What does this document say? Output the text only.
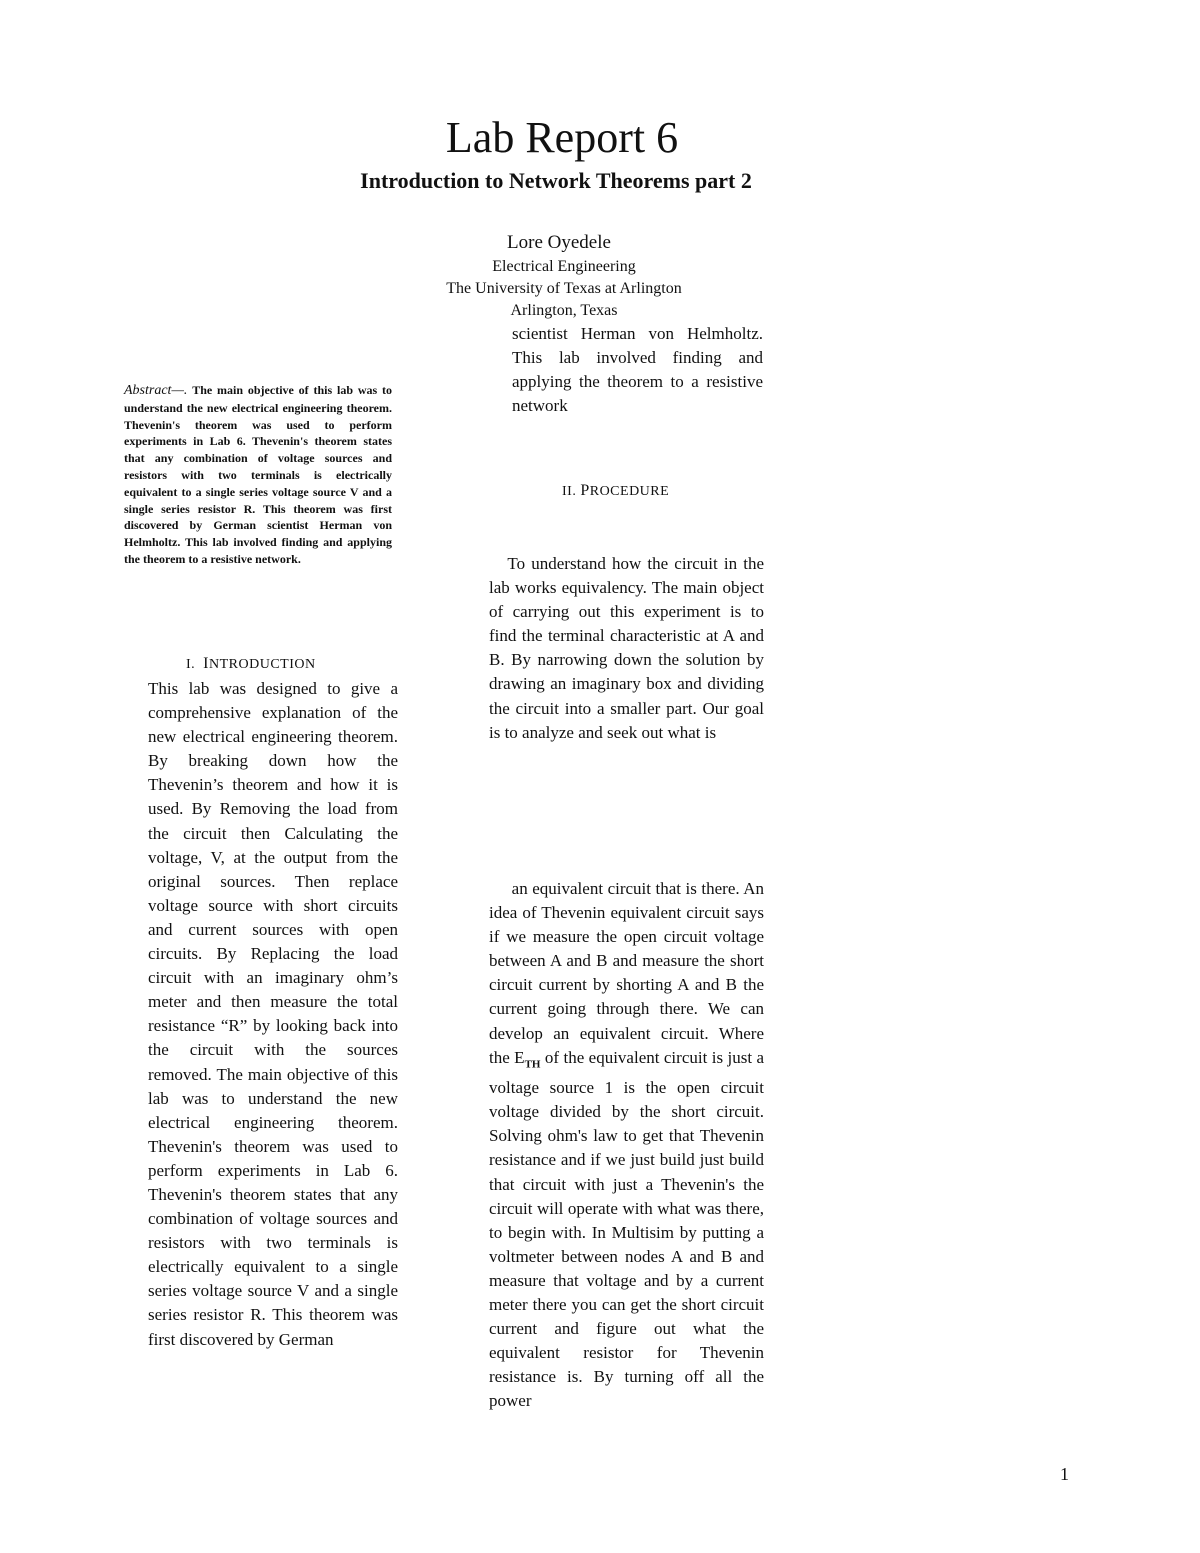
Lab Report 6
Introduction to Network Theorems part 2
Lore Oyedele
Electrical Engineering
The University of Texas at Arlington
Arlington, Texas
Abstract—. The main objective of this lab was to understand the new electrical engineering theorem. Thevenin's theorem was used to perform experiments in Lab 6. Thevenin's theorem states that any combination of voltage sources and resistors with two terminals is electrically equivalent to a single series voltage source V and a single series resistor R. This theorem was first discovered by German scientist Herman von Helmholtz. This lab involved finding and applying the theorem to a resistive network.
I. INTRODUCTION
This lab was designed to give a comprehensive explanation of the new electrical engineering theorem. By breaking down how the Thevenin’s theorem and how it is used. By Removing the load from the circuit then Calculating the voltage, V, at the output from the original sources. Then replace voltage source with short circuits and current sources with open circuits. By Replacing the load circuit with an imaginary ohm’s meter and then measure the total resistance “R” by looking back into the circuit with the sources removed. The main objective of this lab was to understand the new electrical engineering theorem. Thevenin's theorem was used to perform experiments in Lab 6. Thevenin's theorem states that any combination of voltage sources and resistors with two terminals is electrically equivalent to a single series voltage source V and a single series resistor R. This theorem was first discovered by German
scientist Herman von Helmholtz. This lab involved finding and applying the theorem to a resistive network
II. PROCEDURE
To understand how the circuit in the lab works equivalency. The main object of carrying out this experiment is to find the terminal characteristic at A and B. By narrowing down the solution by drawing an imaginary box and dividing the circuit into a smaller part. Our goal is to analyze and seek out what is
an equivalent circuit that is there. An idea of Thevenin equivalent circuit says if we measure the open circuit voltage between A and B and measure the short circuit current by shorting A and B the current going through there. We can develop an equivalent circuit. Where the $E_{TH}$ of the equivalent circuit is just a voltage source 1 is the open circuit voltage divided by the short circuit. Solving ohm's law to get that Thevenin resistance and if we just build just build that circuit with just a Thevenin's the circuit will operate with what was there, to begin with. In Multisim by putting a voltmeter between nodes A and B and measure that voltage and by a current meter there you can get the short circuit current and figure out what the equivalent resistor for Thevenin resistance is. By turning off all the power
1
